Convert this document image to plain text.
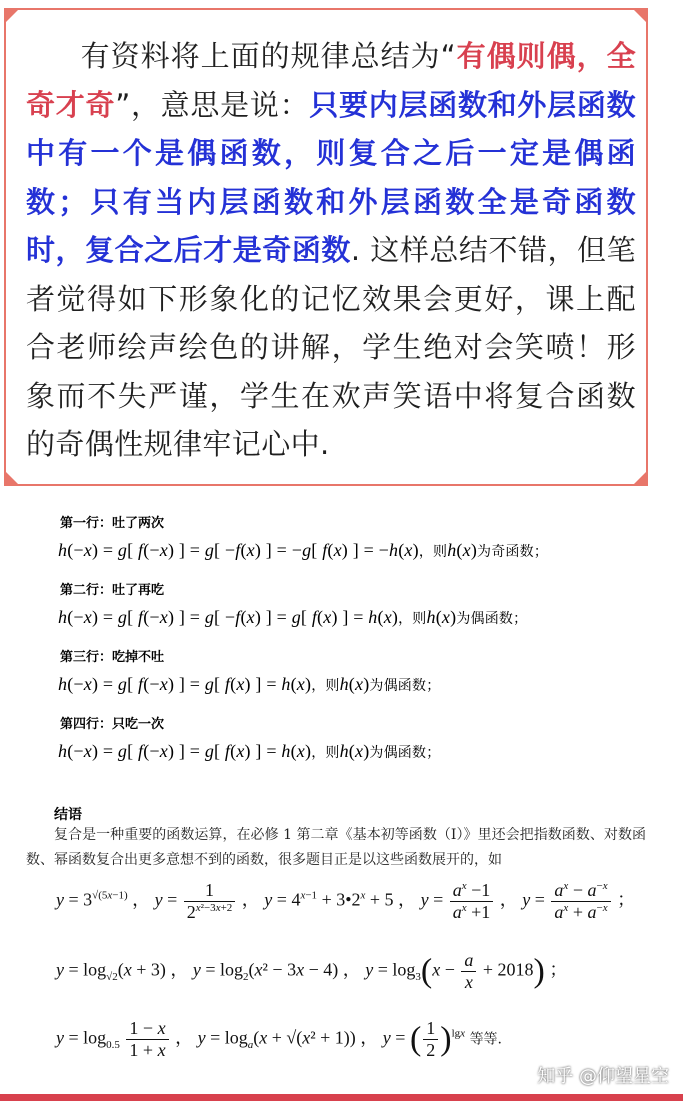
有资料将上面的规律总结为“有偶则偶，全奇才奇”，意思是说：只要内层函数和外层函数中有一个是偶函数，则复合之后一定是偶函数；只有当内层函数和外层函数全是奇函数时，复合之后才是奇函数. 这样总结不错，但笔者觉得如下形象化的记忆效果会更好，课上配合老师绘声绘色的讲解，学生绝对会笑喷！形象而不失严谨，学生在欢声笑语中将复合函数的奇偶性规律牢记心中.
第一行：吐了两次
h(−x) = g[ f(−x) ] = g[ −f(x) ] = −g[ f(x) ] = −h(x)，则h(x)为奇函数；
第二行：吐了再吃
h(−x) = g[ f(−x) ] = g[ −f(x) ] = g[ f(x) ] = h(x)，则h(x)为偶函数；
第三行：吃掉不吐
h(−x) = g[ f(−x) ] = g[ f(x) ] = h(x)，则h(x)为偶函数；
第四行：只吃一次
h(−x) = g[ f(−x) ] = g[ f(x) ] = h(x)，则h(x)为偶函数；
结语
复合是一种重要的函数运算，在必修 1 第二章《基本初等函数（Ⅰ）》里还会把指数函数、对数函数、幂函数复合出更多意想不到的函数，很多题目正是以这些函数展开的，如
$y = 3^{√(5x-1)}$ ， $y = \frac{1}{2^{x^2-3x+2}}$ ， $y = 4^{x-1}$ + $3•2^x + 5$ ， $y = \frac{a^x -1}{a^x +1}$ ， $y = \frac{a^x - a^{-x}}{a^x + a^{-x}}$ ；
$y = \log_{√2}(x + 3)$ ， $y = \log_2(x^2 - 3x - 4)$ ， $y = \log_3(x - \frac{a}{x} + 2018)$ ；
$y = \log_{0.5} \frac{1 - x}{1 + x}$ ， $y = \log_a(x + √(x^2 + 1))$ ， y = ( $\frac{1}{2} )^{lgx}$ 等等.
知乎 @仰望星空
